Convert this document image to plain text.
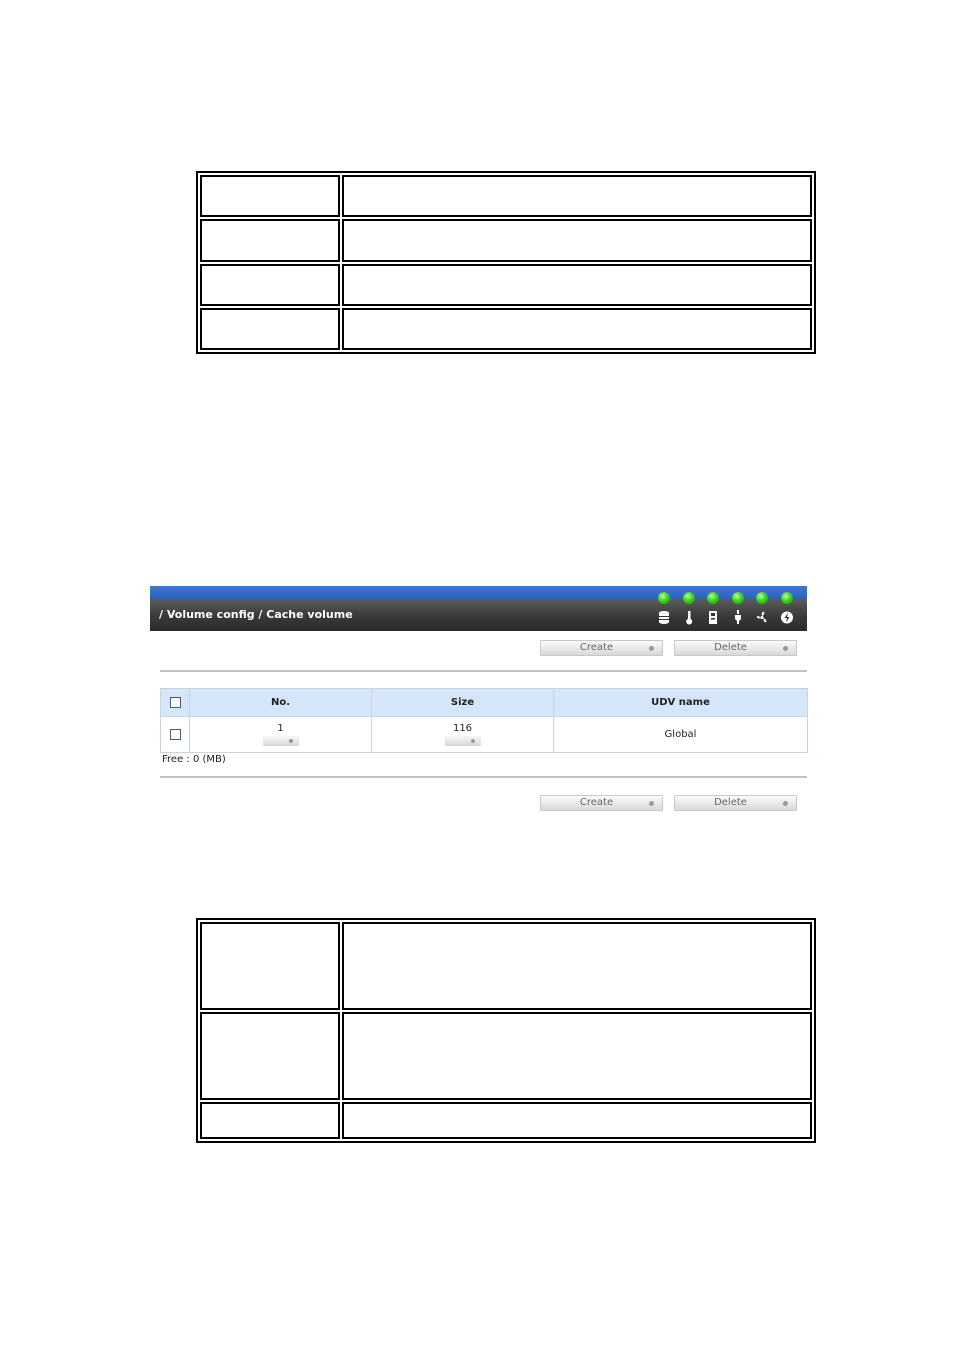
/ Volume config / Cache volume
Create	Delete
	No.	Size	UDV name

	1	116	Global
Free : 0 (MB)
Create	Delete
